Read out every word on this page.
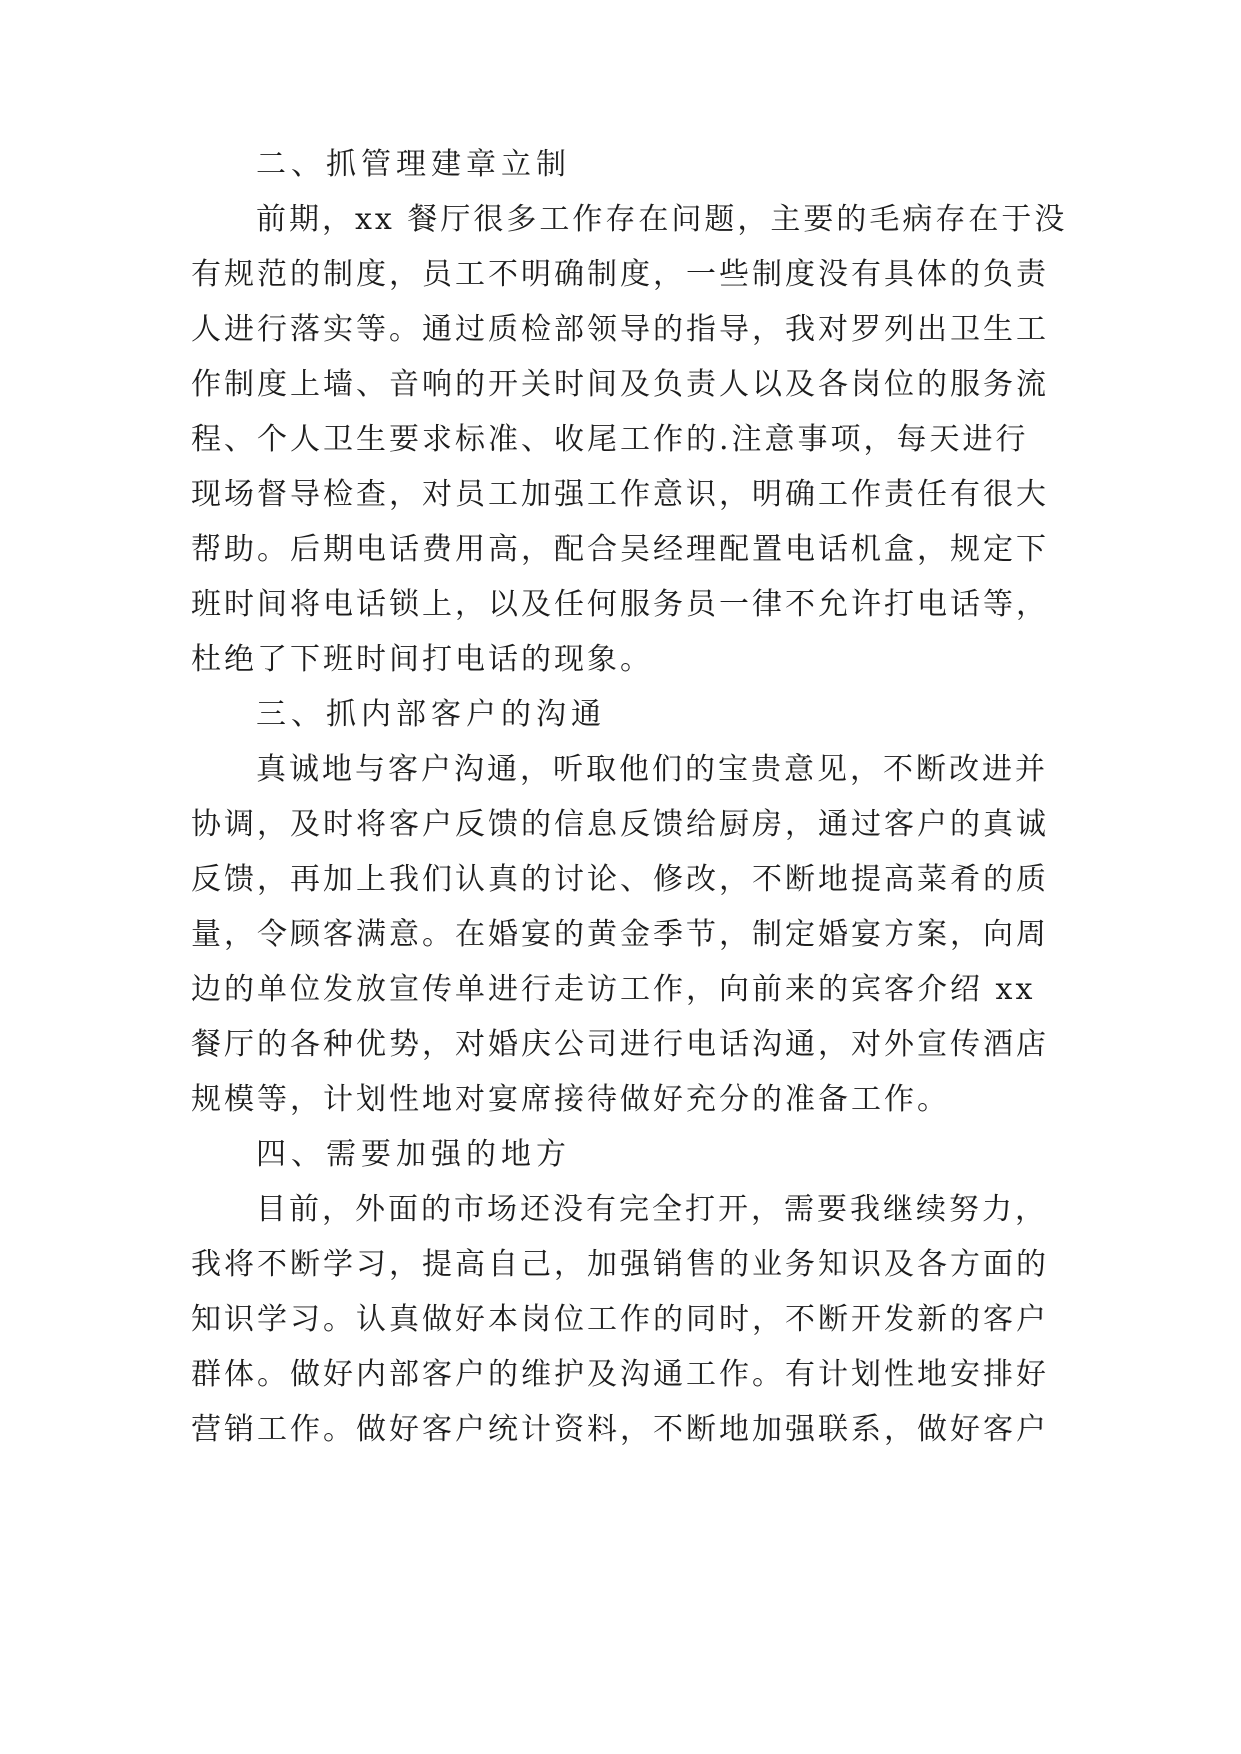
二、抓管理建章立制
前期，xx 餐厅很多工作存在问题，主要的毛病存在于没
有规范的制度，员工不明确制度，一些制度没有具体的负责
人进行落实等。通过质检部领导的指导，我对罗列出卫生工
作制度上墙、音响的开关时间及负责人以及各岗位的服务流
程、个人卫生要求标准、收尾工作的.注意事项，每天进行
现场督导检查，对员工加强工作意识，明确工作责任有很大
帮助。后期电话费用高，配合吴经理配置电话机盒，规定下
班时间将电话锁上，以及任何服务员一律不允许打电话等，
杜绝了下班时间打电话的现象。
三、抓内部客户的沟通
真诚地与客户沟通，听取他们的宝贵意见，不断改进并
协调，及时将客户反馈的信息反馈给厨房，通过客户的真诚
反馈，再加上我们认真的讨论、修改，不断地提高菜肴的质
量，令顾客满意。在婚宴的黄金季节，制定婚宴方案，向周
边的单位发放宣传单进行走访工作，向前来的宾客介绍 xx
餐厅的各种优势，对婚庆公司进行电话沟通，对外宣传酒店
规模等，计划性地对宴席接待做好充分的准备工作。
四、需要加强的地方
目前，外面的市场还没有完全打开，需要我继续努力，
我将不断学习，提高自己，加强销售的业务知识及各方面的
知识学习。认真做好本岗位工作的同时，不断开发新的客户
群体。做好内部客户的维护及沟通工作。有计划性地安排好
营销工作。做好客户统计资料，不断地加强联系，做好客户
